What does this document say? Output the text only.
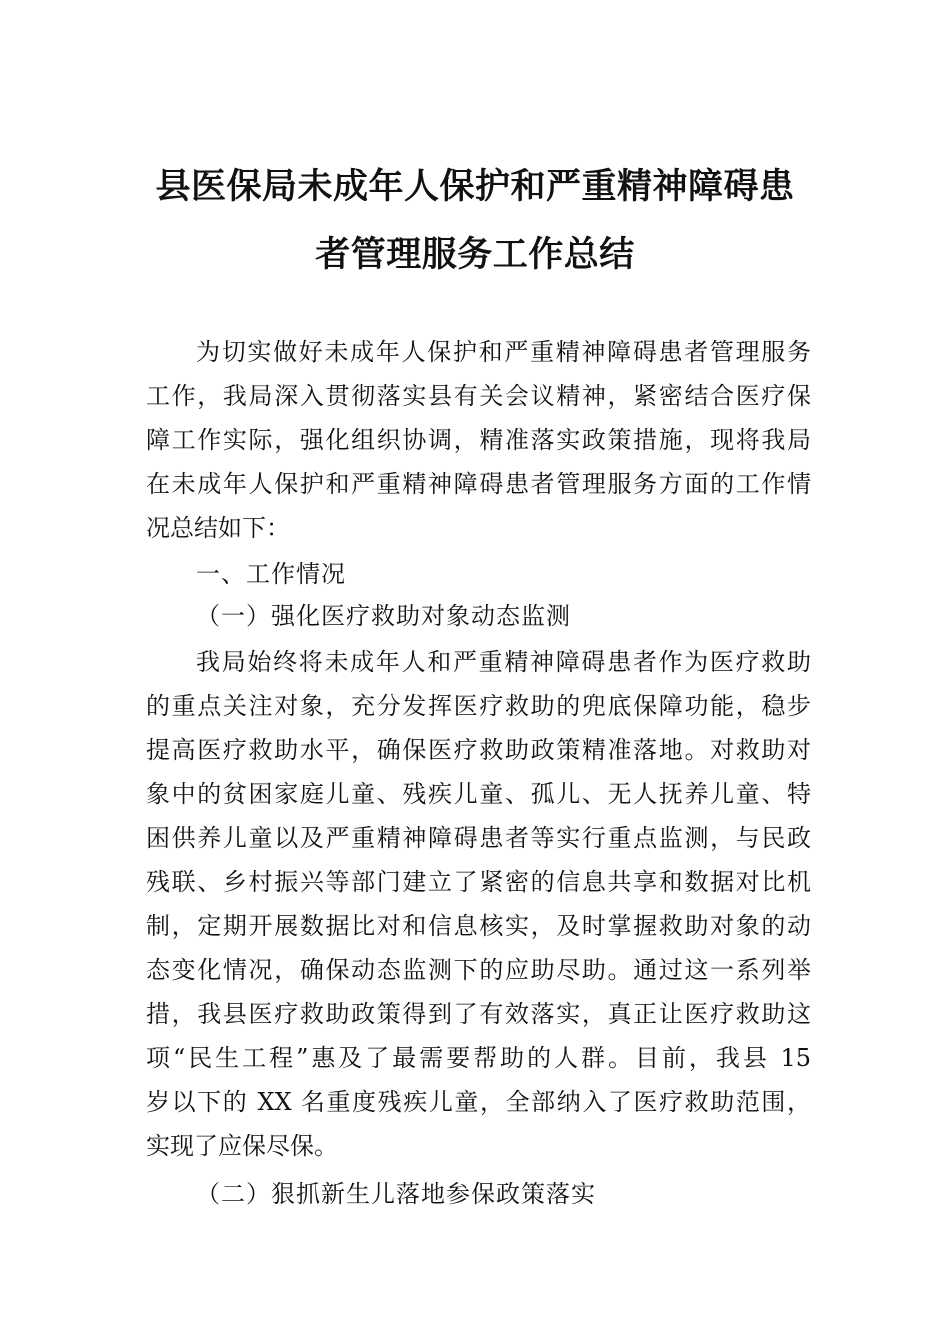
县医保局未成年人保护和严重精神障碍患
者管理服务工作总结
为切实做好未成年人保护和严重精神障碍患者管理服务
工作，我局深入贯彻落实县有关会议精神，紧密结合医疗保
障工作实际，强化组织协调，精准落实政策措施，现将我局
在未成年人保护和严重精神障碍患者管理服务方面的工作情
况总结如下：
一、工作情况
（一）强化医疗救助对象动态监测
我局始终将未成年人和严重精神障碍患者作为医疗救助
的重点关注对象，充分发挥医疗救助的兜底保障功能，稳步
提高医疗救助水平，确保医疗救助政策精准落地。对救助对
象中的贫困家庭儿童、残疾儿童、孤儿、无人抚养儿童、特
困供养儿童以及严重精神障碍患者等实行重点监测，与民政
残联、乡村振兴等部门建立了紧密的信息共享和数据对比机
制，定期开展数据比对和信息核实，及时掌握救助对象的动
态变化情况，确保动态监测下的应助尽助。通过这一系列举
措，我县医疗救助政策得到了有效落实，真正让医疗救助这
项“民生工程”惠及了最需要帮助的人群。目前，我县 15
岁以下的 XX 名重度残疾儿童，全部纳入了医疗救助范围，
实现了应保尽保。
（二）狠抓新生儿落地参保政策落实
